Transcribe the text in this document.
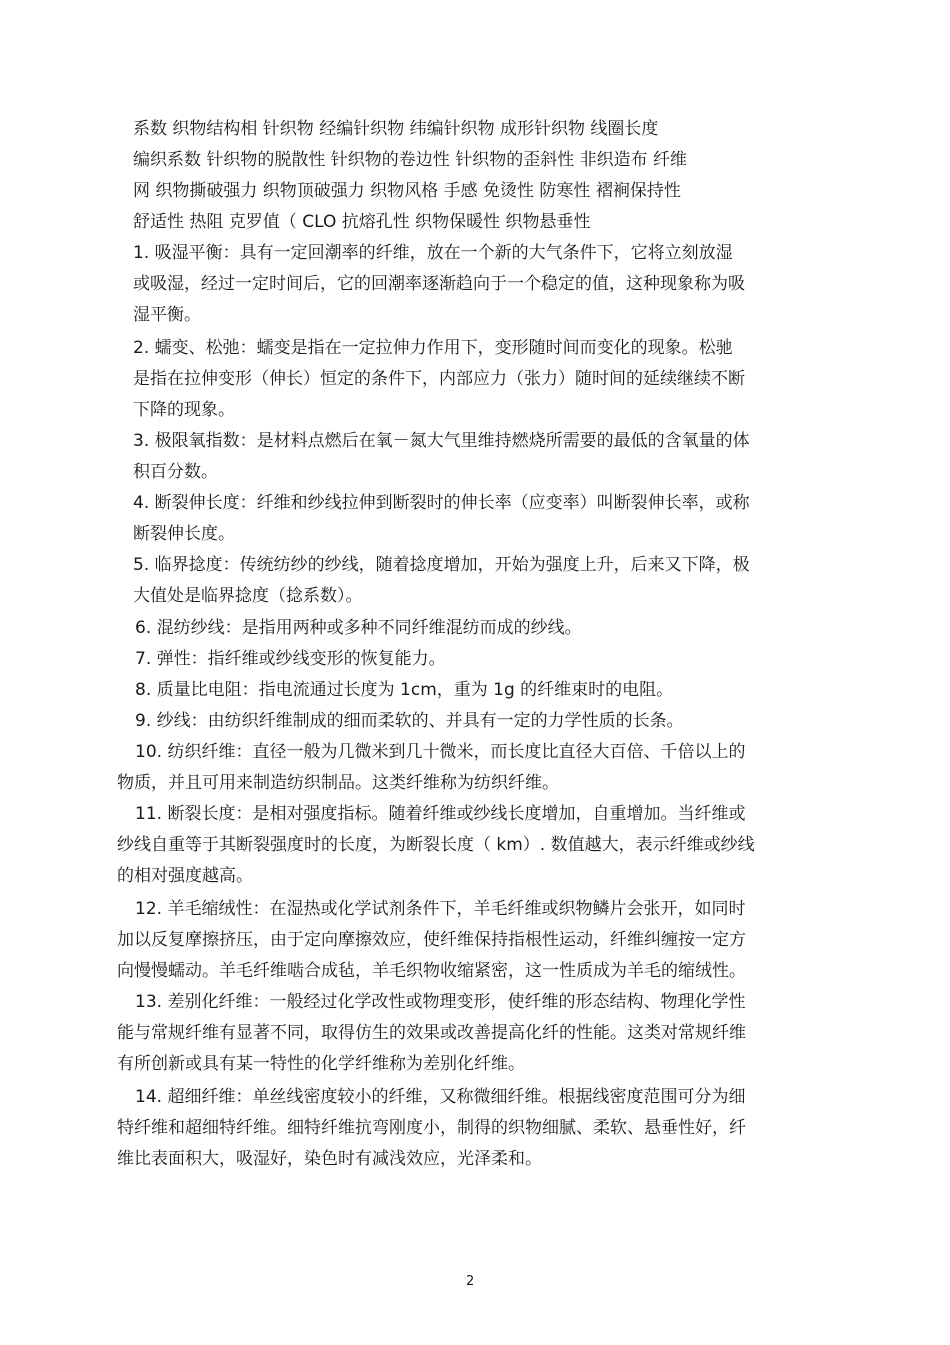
系数 织物结构相 针织物 经编针织物 纬编针织物 成形针织物 线圈长度
编织系数 针织物的脱散性 针织物的卷边性 针织物的歪斜性 非织造布 纤维
网 织物撕破强力 织物顶破强力 织物风格 手感 免烫性 防寒性 褶裥保持性
舒适性 热阻 克罗值（ CLO 抗熔孔性 织物保暖性 织物悬垂性
1. 吸湿平衡：具有一定回潮率的纤维，放在一个新的大气条件下，它将立刻放湿
或吸湿，经过一定时间后，它的回潮率逐渐趋向于一个稳定的值，这种现象称为吸
湿平衡。
2. 蠕变、松弛：蠕变是指在一定拉伸力作用下，变形随时间而变化的现象。松驰
是指在拉伸变形（伸长）恒定的条件下，内部应力（张力）随时间的延续继续不断
下降的现象。
3. 极限氧指数：是材料点燃后在氧－氮大气里维持燃烧所需要的最低的含氧量的体
积百分数。
4. 断裂伸长度：纤维和纱线拉伸到断裂时的伸长率（应变率）叫断裂伸长率，或称
断裂伸长度。
5. 临界捻度：传统纺纱的纱线，随着捻度增加，开始为强度上升，后来又下降，极
大值处是临界捻度（捻系数）。
6. 混纺纱线：是指用两种或多种不同纤维混纺而成的纱线。
7. 弹性：指纤维或纱线变形的恢复能力。
8. 质量比电阻：指电流通过长度为 1cm，重为 1g 的纤维束时的电阻。
9. 纱线：由纺织纤维制成的细而柔软的、并具有一定的力学性质的长条。
10. 纺织纤维：直径一般为几微米到几十微米，而长度比直径大百倍、千倍以上的
物质，并且可用来制造纺织制品。这类纤维称为纺织纤维。
11. 断裂长度：是相对强度指标。随着纤维或纱线长度增加，自重增加。当纤维或
纱线自重等于其断裂强度时的长度，为断裂长度（ km）. 数值越大，表示纤维或纱线
的相对强度越高。
12. 羊毛缩绒性：在湿热或化学试剂条件下，羊毛纤维或织物鳞片会张开，如同时
加以反复摩擦挤压，由于定向摩擦效应，使纤维保持指根性运动，纤维纠缠按一定方
向慢慢蠕动。羊毛纤维啮合成毡，羊毛织物收缩紧密，这一性质成为羊毛的缩绒性。
13. 差别化纤维：一般经过化学改性或物理变形，使纤维的形态结构、物理化学性
能与常规纤维有显著不同，取得仿生的效果或改善提高化纤的性能。这类对常规纤维
有所创新或具有某一特性的化学纤维称为差别化纤维。
14. 超细纤维：单丝线密度较小的纤维，又称微细纤维。根据线密度范围可分为细
特纤维和超细特纤维。细特纤维抗弯刚度小，制得的织物细腻、柔软、悬垂性好，纤
维比表面积大，吸湿好，染色时有减浅效应，光泽柔和。
2
